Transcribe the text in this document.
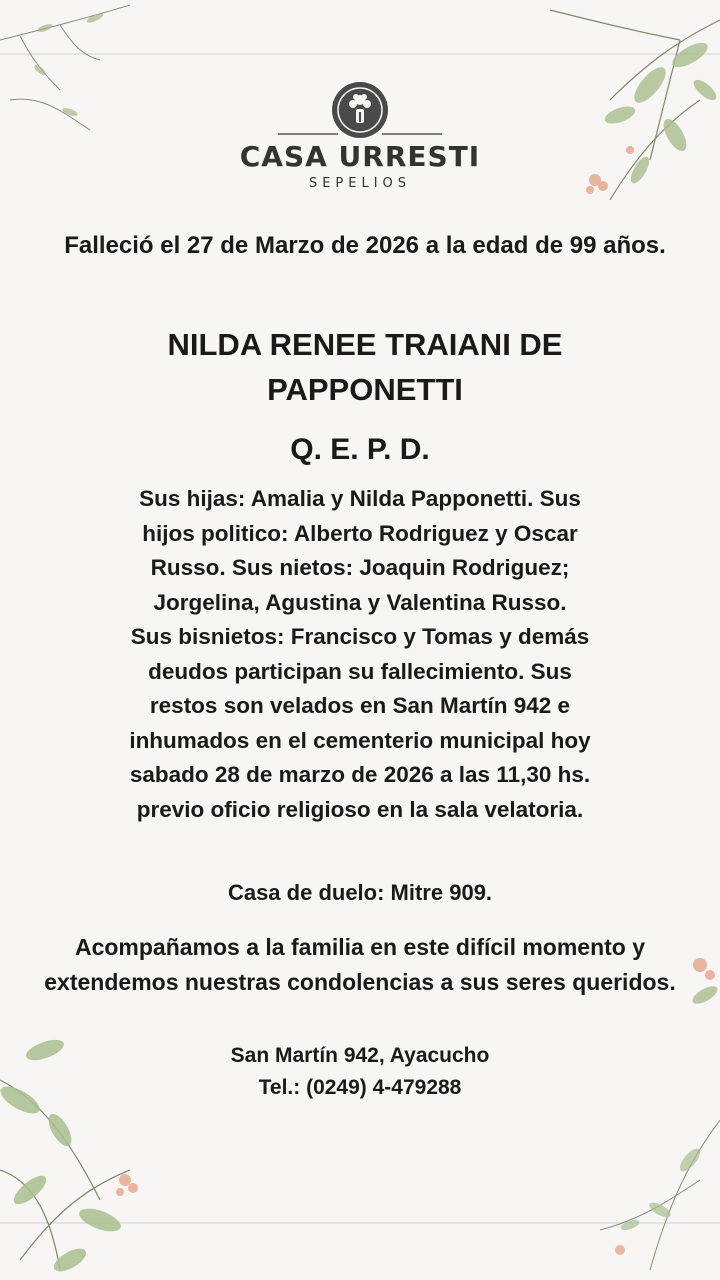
CASA URRESTI
SEPELIOS
Falleció el 27 de Marzo de 2026 a la edad de 99 años.
NILDA RENEE TRAIANI DE PAPPONETTI
Q. E. P. D.
Sus hijas: Amalia y Nilda Papponetti. Sus
hijos politico: Alberto Rodriguez y Oscar
Russo. Sus nietos: Joaquin Rodriguez;
Jorgelina, Agustina y Valentina Russo.
Sus bisnietos: Francisco y Tomas y demás
deudos participan su fallecimiento. Sus
restos son velados en San Martín 942 e
inhumados en el cementerio municipal hoy
sabado 28 de marzo de 2026 a las 11,30 hs.
previo oficio religioso en la sala velatoria.
Casa de duelo: Mitre 909.
Acompañamos a la familia en este difícil momento y extendemos nuestras condolencias a sus seres queridos.
San Martín 942, Ayacucho
Tel.: (0249) 4-479288
